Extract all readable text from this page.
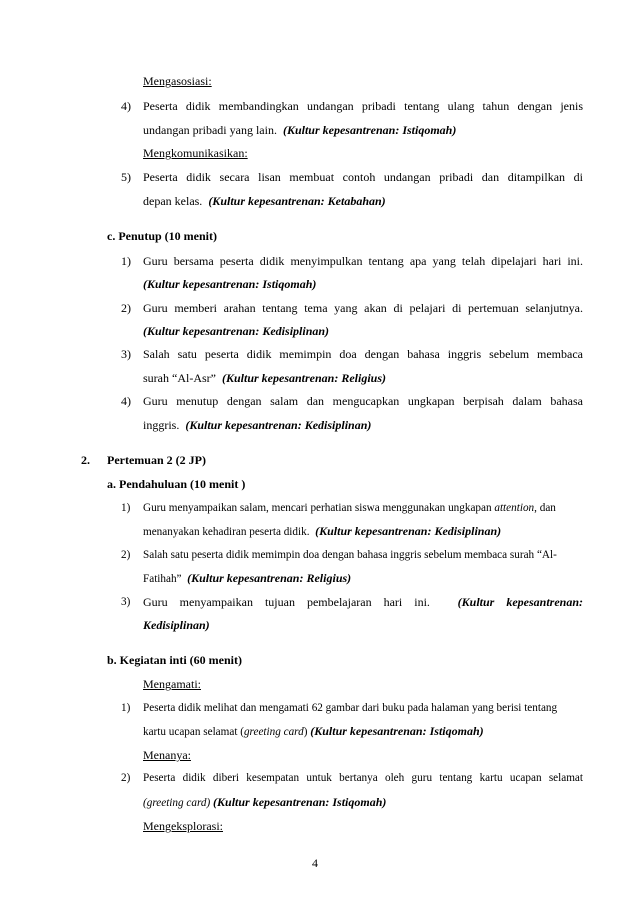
Mengasosiasi:
4) Peserta didik membandingkan undangan pribadi tentang ulang tahun dengan jenis
undangan pribadi yang lain. (Kultur kepesantrenan: Istiqomah)
Mengkomunikasikan:
5) Peserta didik secara lisan membuat contoh undangan pribadi dan ditampilkan di
depan kelas. (Kultur kepesantrenan: Ketabahan)
c. Penutup (10 menit)
1) Guru bersama peserta didik menyimpulkan tentang apa yang telah dipelajari hari ini.
(Kultur kepesantrenan: Istiqomah)
2) Guru memberi arahan tentang tema yang akan di pelajari di pertemuan selanjutnya.
(Kultur kepesantrenan: Kedisiplinan)
3) Salah satu peserta didik memimpin doa dengan bahasa inggris sebelum membaca
surah “Al-Asr” (Kultur kepesantrenan: Religius)
4) Guru menutup dengan salam dan mengucapkan ungkapan berpisah dalam bahasa
inggris. (Kultur kepesantrenan: Kedisiplinan)
2. Pertemuan 2 (2 JP)
a. Pendahuluan (10 menit )
1) Guru menyampaikan salam, mencari perhatian siswa menggunakan ungkapan attention, dan
menanyakan kehadiran peserta didik. (Kultur kepesantrenan: Kedisiplinan)
2) Salah satu peserta didik memimpin doa dengan bahasa inggris sebelum membaca surah “Al-
Fatihah” (Kultur kepesantrenan: Religius)
3) Guru    menyampaikan    tujuan    pembelajaran    hari    ini. (Kultur    kepesantrenan:
Kedisiplinan)
b. Kegiatan inti (60 menit)
Mengamati:
1) Peserta didik melihat dan mengamati 62 gambar dari buku pada halaman yang berisi tentang
kartu ucapan selamat (greeting card) (Kultur kepesantrenan: Istiqomah)
Menanya:
2) Peserta didik diberi kesempatan untuk bertanya oleh guru tentang kartu ucapan selamat
(greeting card) (Kultur kepesantrenan: Istiqomah)
Mengeksplorasi:
4
